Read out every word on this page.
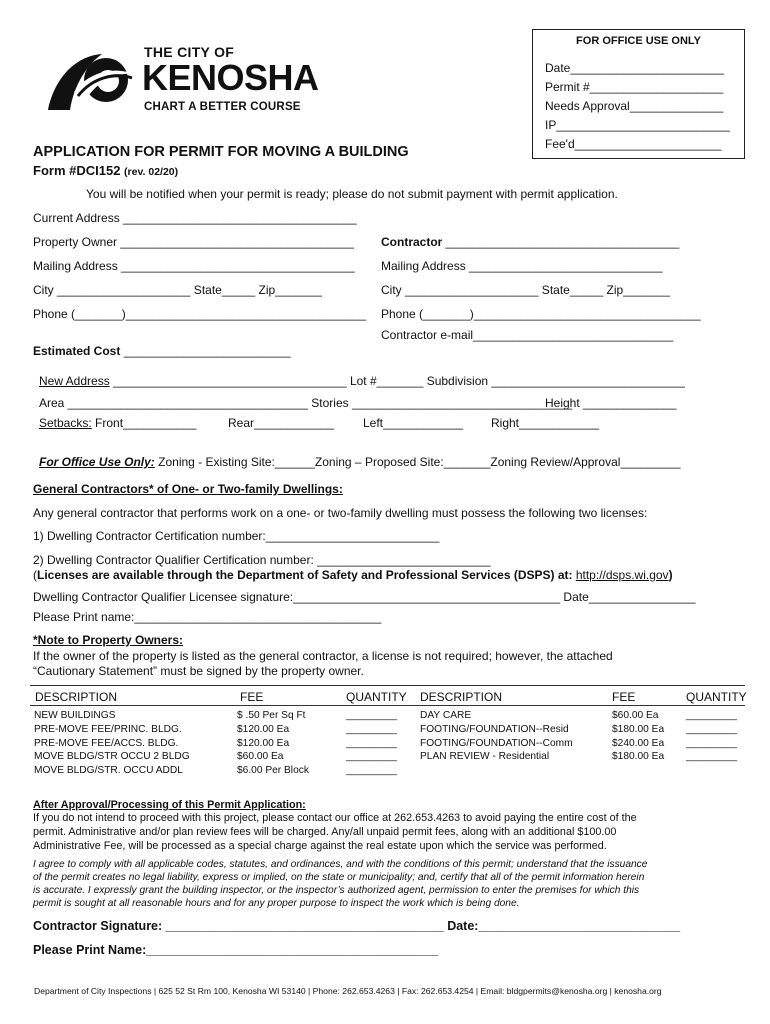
FOR OFFICE USE ONLY
Date_______________________
Permit #____________________
Needs Approval______________
IP__________________________
Fee'd______________________
THE CITY OF
KENOSHA
CHART A BETTER COURSE
APPLICATION FOR PERMIT FOR MOVING A BUILDING
Form #DCI152 (rev. 02/20)
You will be notified when your permit is ready; please do not submit payment with permit application.
Current Address ___________________________________
Property Owner ___________________________________ Contractor ___________________________________
Mailing Address ___________________________________ Mailing Address _____________________________
City ____________________ State_____ Zip_______	City ____________________ State_____ Zip_______
Phone (_______)____________________________________ Phone (_______)__________________________________
Contractor e-mail______________________________
Estimated Cost _________________________
New Address ___________________________________ Lot #_______ Subdivision _____________________________
Area ____________________________________ Stories _________________________________
Height ______________
Setbacks: Front___________	Rear____________ Left____________ Right____________
For Office Use Only: Zoning - Existing Site:______Zoning – Proposed Site:_______Zoning Review/Approval_________
General Contractors* of One- or Two-family Dwellings:
Any general contractor that performs work on a one- or two-family dwelling must possess the following two licenses:
1) Dwelling Contractor Certification number:__________________________
2) Dwelling Contractor Qualifier Certification number: __________________________
(Licenses are available through the Department of Safety and Professional Services (DSPS) at: http://dsps.wi.gov)
Dwelling Contractor Qualifier Licensee signature:________________________________________ Date________________
Please Print name:_____________________________________
*Note to Property Owners:
If the owner of the property is listed as the general contractor, a license is not required; however, the attached
“Cautionary Statement” must be signed by the property owner.
DESCRIPTION	FEE	QUANTITY DESCRIPTION	FEE	QUANTITY
NEW BUILDINGS	$ .50 Per Sq Ft	_________
PRE-MOVE FEE/PRINC. BLDG.	$120.00 Ea	_________
PRE-MOVE FEE/ACCS. BLDG.	$120.00 Ea	_________
MOVE BLDG/STR OCCU 2 BLDG	$60.00 Ea	_________
MOVE BLDG/STR. OCCU ADDL	$6.00 Per Block	_________
DAY CARE	$60.00 Ea	_________
FOOTING/FOUNDATION--Resid	$180.00 Ea _________
FOOTING/FOUNDATION--Comm	$240.00 Ea _________
PLAN REVIEW - Residential	$180.00 Ea _________
After Approval/Processing of this Permit Application:
If you do not intend to proceed with this project, please contact our office at 262.653.4263 to avoid paying the entire cost of the
permit. Administrative and/or plan review fees will be charged. Any/all unpaid permit fees, along with an additional $100.00
Administrative Fee, will be processed as a special charge against the real estate upon which the service was performed.
I agree to comply with all applicable codes, statutes, and ordinances, and with the conditions of this permit; understand that the issuance
of the permit creates no legal liability, express or implied, on the state or municipality; and, certify that all of the permit information herein
is accurate. I expressly grant the building inspector, or the inspector’s authorized agent, permission to enter the premises for which this
permit is sought at all reasonable hours and for any proper purpose to inspect the work which is being done.
Contractor Signature: ________________________________________ Date:_____________________________
Please Print Name:__________________________________________
Department of City Inspections | 625 52 St Rm 100, Kenosha WI 53140 | Phone: 262.653.4263 | Fax: 262.653.4254 | Email: bldgpermits@kenosha.org | kenosha.org
